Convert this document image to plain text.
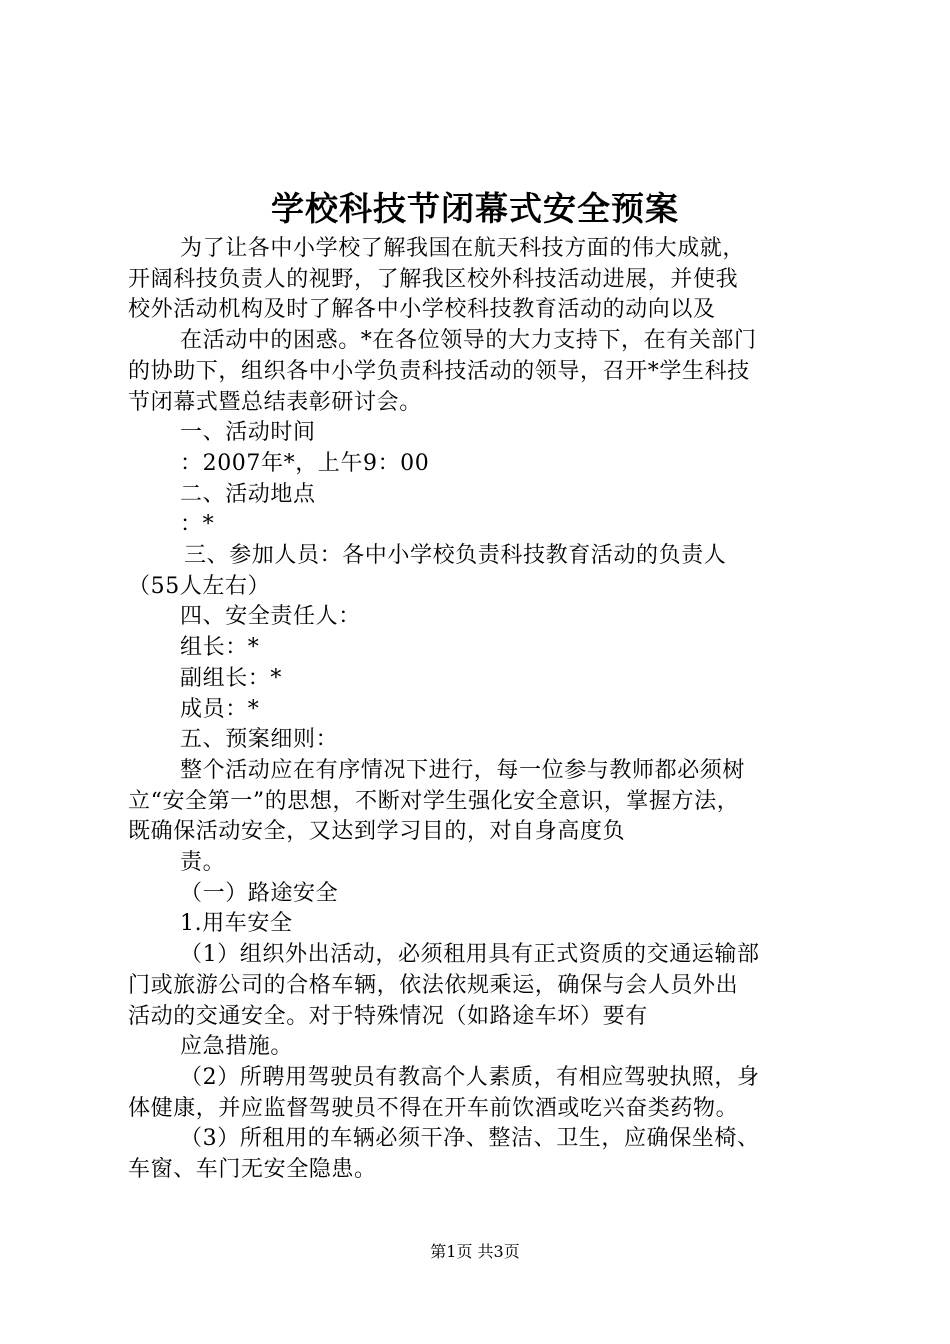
学校科技节闭幕式安全预案

为了让各中小学校了解我国在航天科技方面的伟大成就，

开阔科技负责人的视野，了解我区校外科技活动进展，并使我

校外活动机构及时了解各中小学校科技教育活动的动向以及

在活动中的困惑。*在各位领导的大力支持下，在有关部门

的协助下，组织各中小学负责科技活动的领导，召开*学生科技

节闭幕式暨总结表彰研讨会。

一、活动时间

：2007年*，上午9：00

二、活动地点

：*

三、参加人员：各中小学校负责科技教育活动的负责人

（55人左右）

四、安全责任人：

组长：*

副组长：*

成员：*

五、预案细则：

整个活动应在有序情况下进行，每一位参与教师都必须树

立“安全第一”的思想，不断对学生强化安全意识，掌握方法，

既确保活动安全，又达到学习目的，对自身高度负

责。

（一）路途安全

1.用车安全

（1）组织外出活动，必须租用具有正式资质的交通运输部

门或旅游公司的合格车辆，依法依规乘运，确保与会人员外出

活动的交通安全。对于特殊情况（如路途车坏）要有

应急措施。

（2）所聘用驾驶员有教高个人素质，有相应驾驶执照，身

体健康，并应监督驾驶员不得在开车前饮酒或吃兴奋类药物。

（3）所租用的车辆必须干净、整洁、卫生，应确保坐椅、

车窗、车门无安全隐患。

第1页 共3页
